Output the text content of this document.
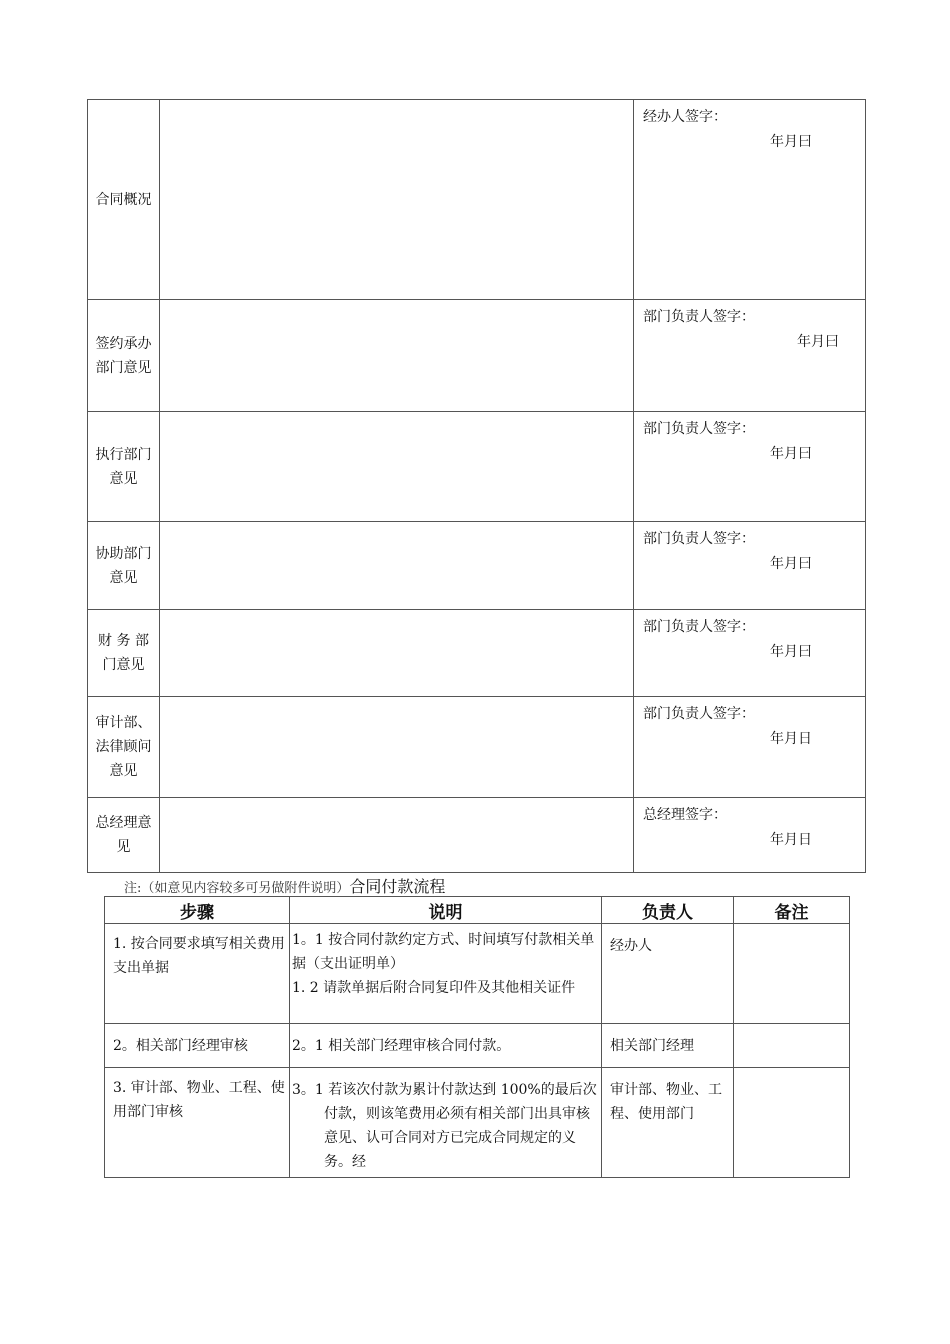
合同概况		经办人签字：
年月曰

签约承办部门意见		部门负责人签字：
年月曰

执行部门意见		部门负责人签字：
年月曰

协助部门意见		部门负责人签字：
年月曰

财 务 部门意见		部门负责人签字：
年月曰

审计部、法律顾问意见		部门负责人签字：
年月日

总经理意见		总经理签字：
年月日
注:（如意见内容较多可另做附件说明）合同付款流程
步骤	说明	负责人	备注
1. 按合同要求填写相关费用支出单据	1。1 按合同付款约定方式、时间填写付款相关单据（支出证明单）
1. 2 请款单据后附合同复印件及其他相关证件	经办人	
2。相关部门经理审核	2。1 相关部门经理审核合同付款。	相关部门经理	
3. 审计部、物业、工程、使用部门审核	3。1 若该次付款为累计付款达到 100%的最后次付款，则该笔费用必须有相关部门出具审核意见、认可合同对方已完成合同规定的义务。经	审计部、物业、工程、使用部门	
